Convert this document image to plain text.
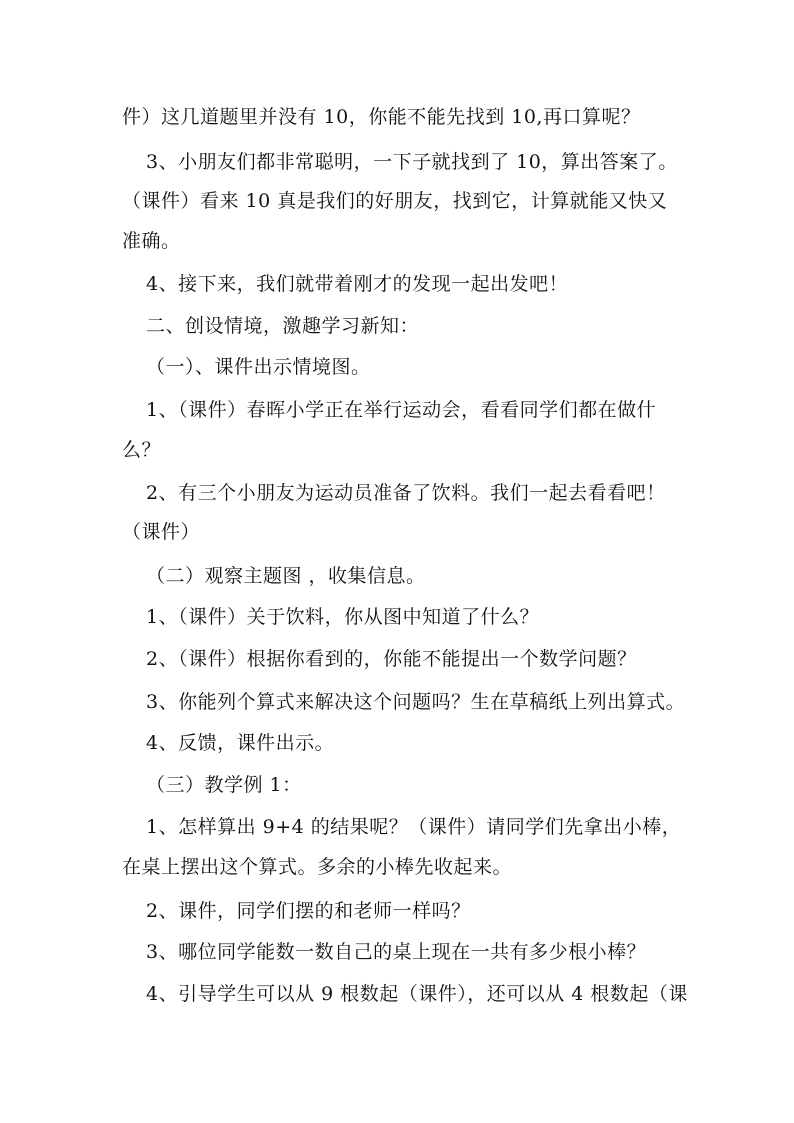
件）这几道题里并没有 10，你能不能先找到 10,再口算呢？
3、小朋友们都非常聪明，一下子就找到了 10，算出答案了。
（课件）看来 10 真是我们的好朋友，找到它，计算就能又快又
准确。
4、接下来，我们就带着刚才的发现一起出发吧！
二、创设情境，激趣学习新知：
（一）、课件出示情境图。
1、（课件）春晖小学正在举行运动会，看看同学们都在做什
么？
2、有三个小朋友为运动员准备了饮料。我们一起去看看吧！
（课件）
（二）观察主题图 ，收集信息。
1、（课件）关于饮料，你从图中知道了什么？
2、（课件）根据你看到的，你能不能提出一个数学问题？
3、你能列个算式来解决这个问题吗？生在草稿纸上列出算式。
4、反馈，课件出示。
（三）教学例 1：
1、怎样算出 9+4 的结果呢？（课件）请同学们先拿出小棒，
在桌上摆出这个算式。多余的小棒先收起来。
2、课件，同学们摆的和老师一样吗？
3、哪位同学能数一数自己的桌上现在一共有多少根小棒？
4、引导学生可以从 9 根数起（课件），还可以从 4 根数起（课
